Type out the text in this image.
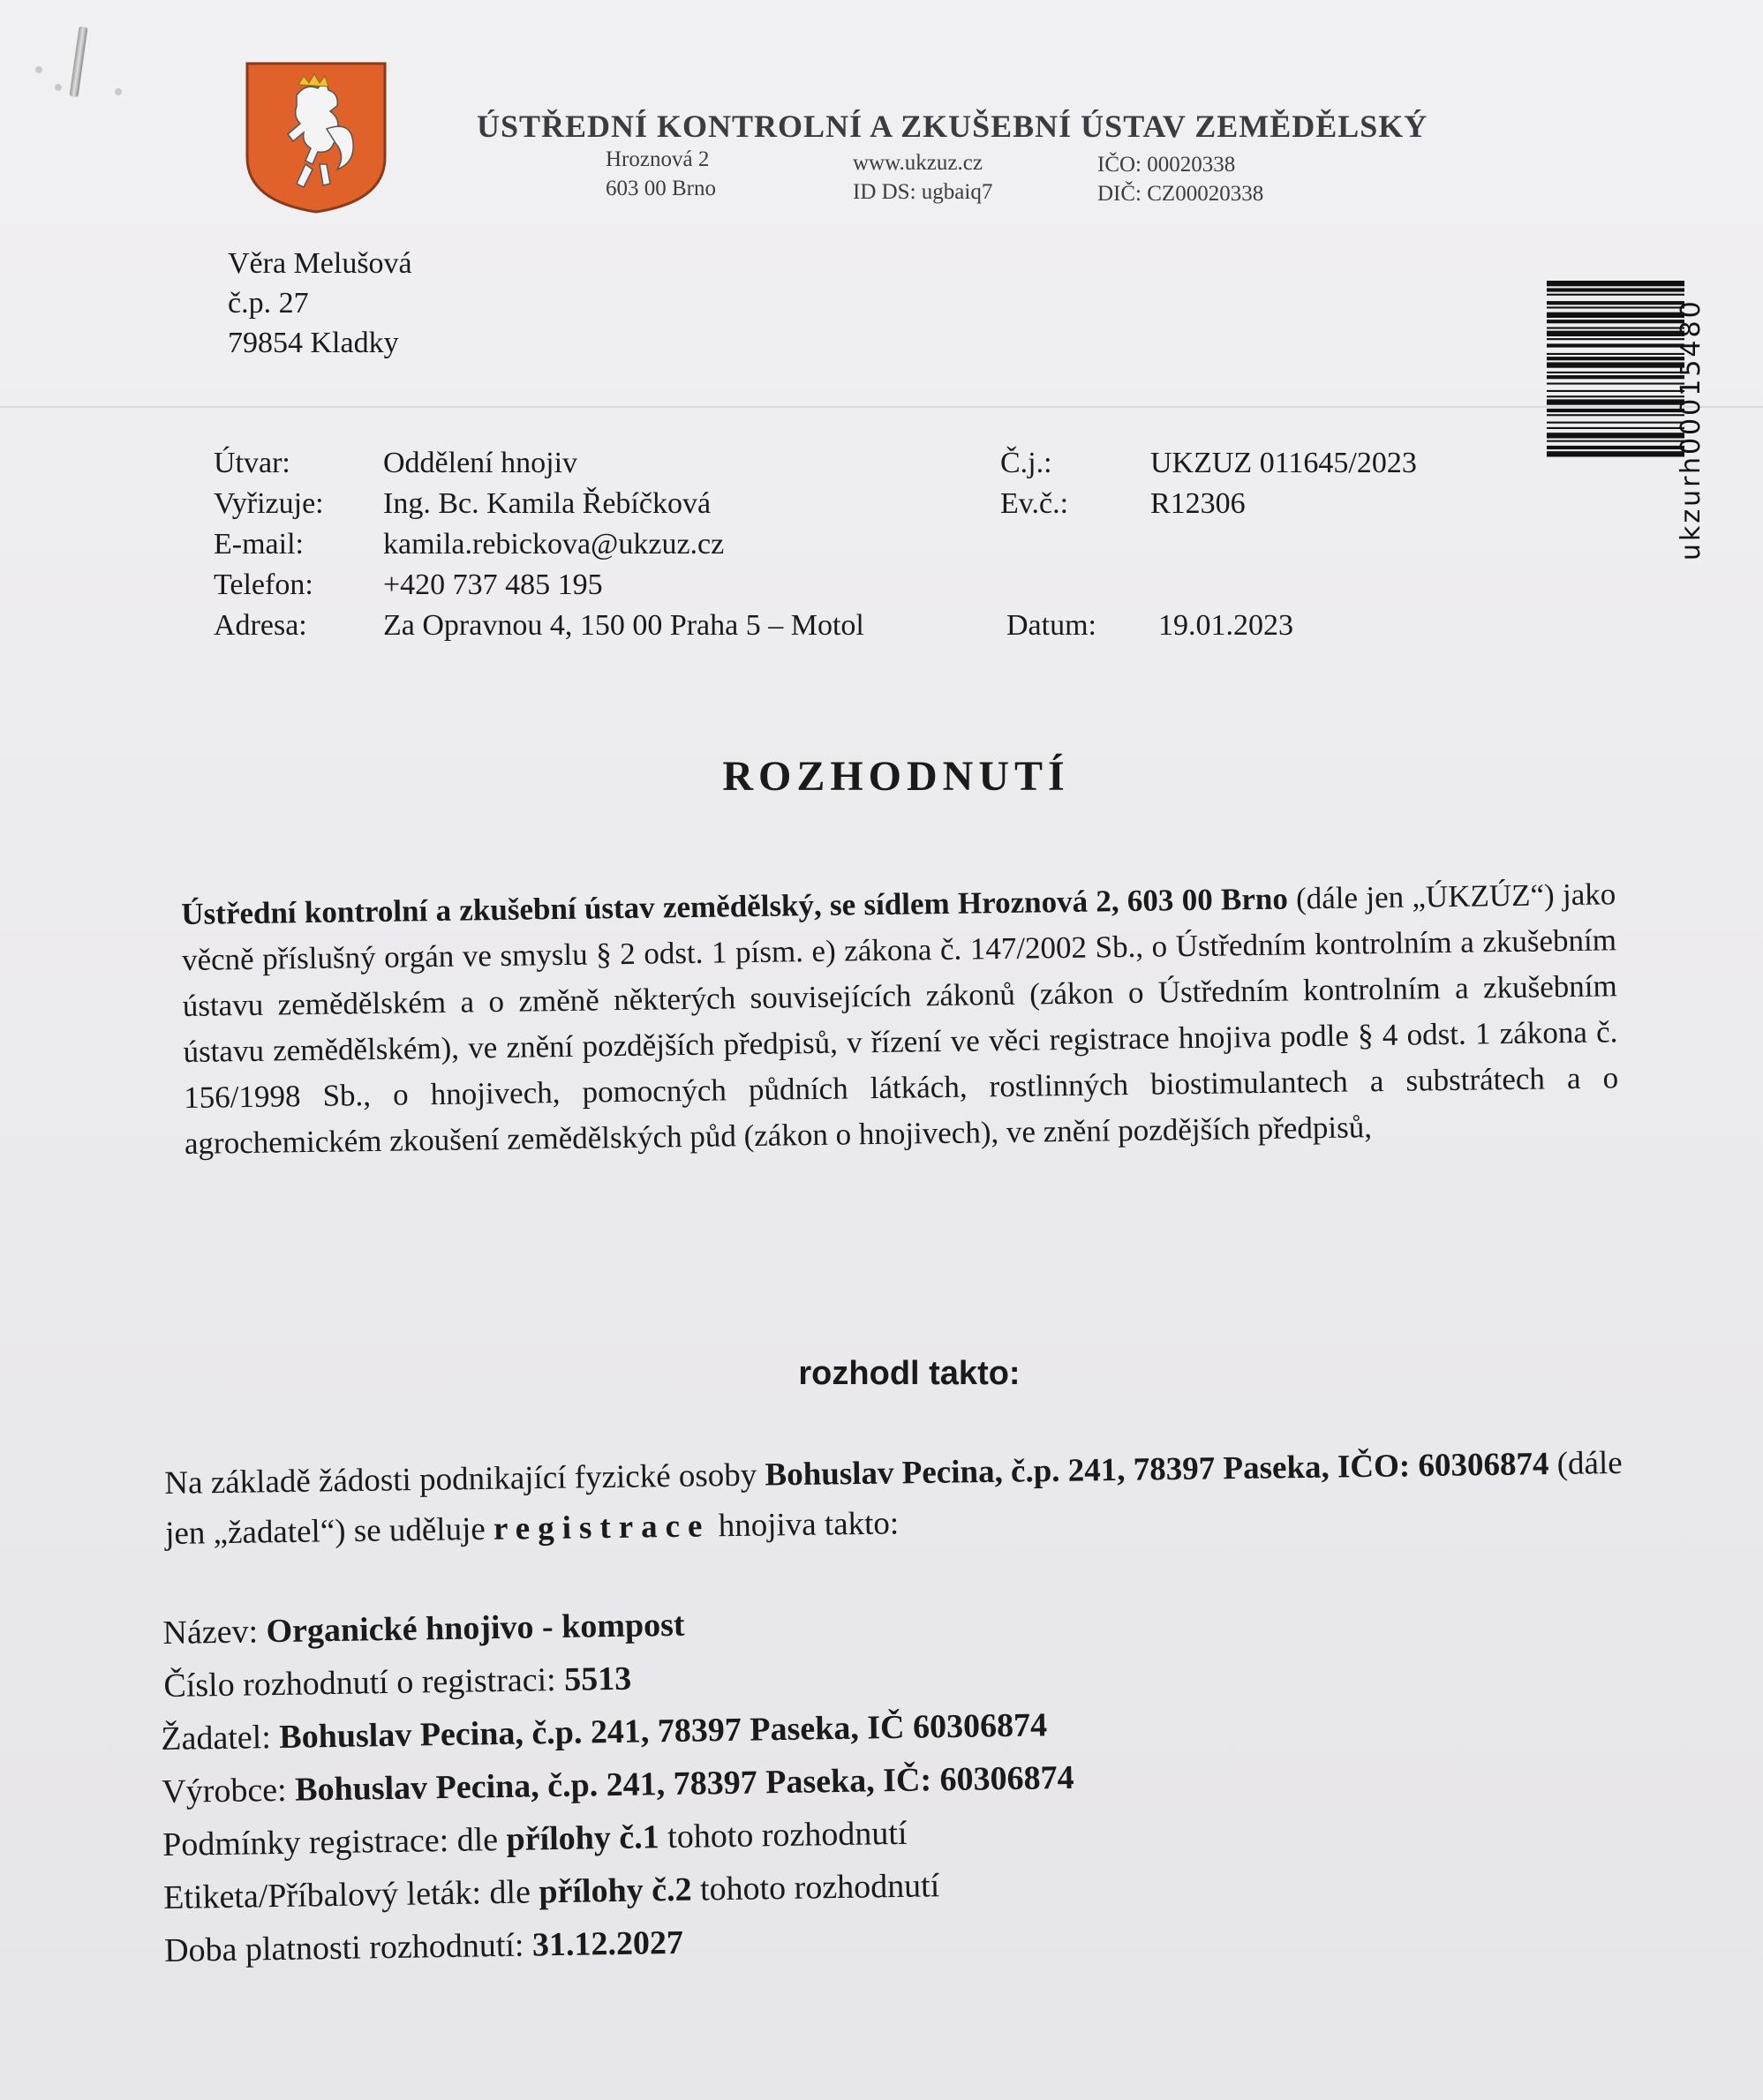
ÚSTŘEDNÍ KONTROLNÍ A ZKUŠEBNÍ ÚSTAV ZEMĚDĚLSKÝ
Hroznová 2
603 00 Brno
www.ukzuz.cz
ID DS: ugbaiq7
IČO: 00020338
DIČ: CZ00020338
Věra Melušová
č.p. 27
79854 Kladky	ukzurh00015480
Útvar:
Vyřizuje:
E-mail:
Telefon:
Adresa:
Oddělení hnojiv
Ing. Bc. Kamila Řebíčková
kamila.rebickova@ukzuz.cz
+420 737 485 195
Za Opravnou 4, 150 00 Praha 5 – Motol
Č.j.:
Ev.č.:
UKZUZ 011645/2023
R12306
Datum: 19.01.2023
ROZHODNUTÍ
Ústřední kontrolní a zkušební ústav zemědělský, se sídlem Hroznová 2, 603 00 Brno (dále jen „ÚKZÚZ“) jako věcně příslušný orgán ve smyslu § 2 odst. 1 písm. e) zákona č. 147/2002 Sb., o Ústředním kontrolním a zkušebním ústavu zemědělském a o změně některých souvisejících zákonů (zákon o Ústředním kontrolním a zkušebním ústavu zemědělském), ve znění pozdějších předpisů, v řízení ve věci registrace hnojiva podle § 4 odst. 1 zákona č. 156/1998 Sb., o hnojivech, pomocných půdních látkách, rostlinných biostimulantech a substrátech a o agrochemickém zkoušení zemědělských půd (zákon o hnojivech), ve znění pozdějších předpisů,
rozhodl takto:
Na základě žádosti podnikající fyzické osoby Bohuslav Pecina, č.p. 241, 78397 Paseka, IČO: 60306874 (dále jen „žadatel“) se uděluje registrace hnojiva takto:
Název: Organické hnojivo - kompost
Číslo rozhodnutí o registraci: 5513
Žadatel: Bohuslav Pecina, č.p. 241, 78397 Paseka, IČ 60306874
Výrobce: Bohuslav Pecina, č.p. 241, 78397 Paseka, IČ: 60306874
Podmínky registrace: dle přílohy č.1 tohoto rozhodnutí
Etiketa/Příbalový leták: dle přílohy č.2 tohoto rozhodnutí
Doba platnosti rozhodnutí: 31.12.2027
